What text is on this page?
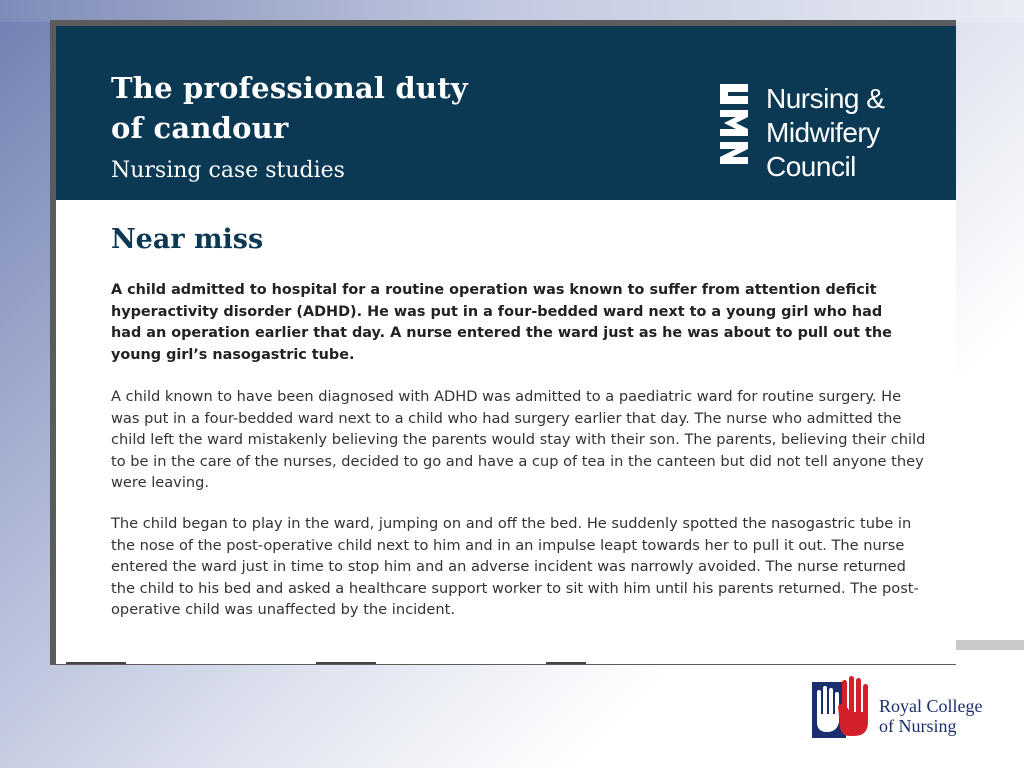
The professional duty
of candour
Nursing case studies
Nursing &
Midwifery
Council
Near miss
A child admitted to hospital for a routine operation was known to suffer from attention deficit hyperactivity disorder (ADHD). He was put in a four-bedded ward next to a young girl who had had an operation earlier that day. A nurse entered the ward just as he was about to pull out the young girl’s nasogastric tube.
A child known to have been diagnosed with ADHD was admitted to a paediatric ward for routine surgery. He was put in a four-bedded ward next to a child who had surgery earlier that day. The nurse who admitted the child left the ward mistakenly believing the parents would stay with their son. The parents, believing their child to be in the care of the nurses, decided to go and have a cup of tea in the canteen but did not tell anyone they were leaving.
The child began to play in the ward, jumping on and off the bed. He suddenly spotted the nasogastric tube in the nose of the post-operative child next to him and in an impulse leapt towards her to pull it out. The nurse entered the ward just in time to stop him and an adverse incident was narrowly avoided. The nurse returned the child to his bed and asked a healthcare support worker to sit with him until his parents returned. The post-operative child was unaffected by the incident.
Royal College
of Nursing
